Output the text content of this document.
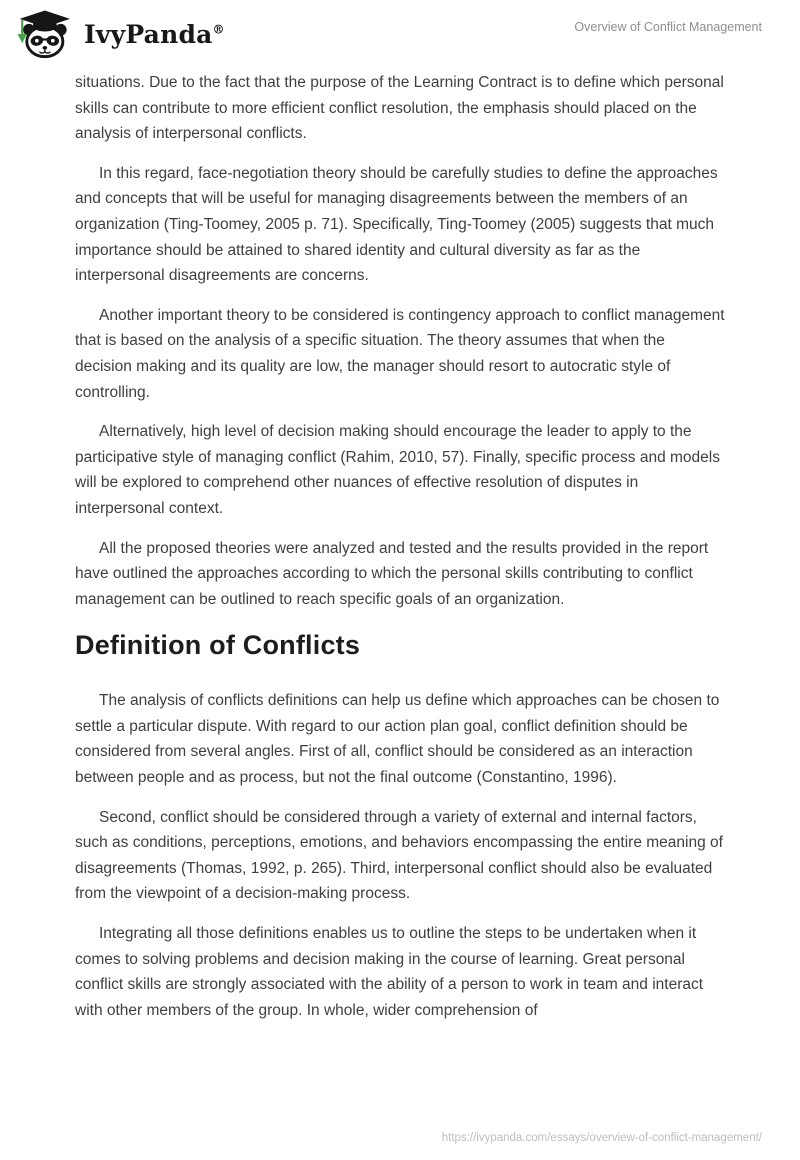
IvyPanda®	Overview of Conflict Management

situations. Due to the fact that the purpose of the Learning Contract is to define which personal skills can contribute to more efficient conflict resolution, the emphasis should placed on the analysis of interpersonal conflicts.

In this regard, face-negotiation theory should be carefully studies to define the approaches and concepts that will be useful for managing disagreements between the members of an organization (Ting-Toomey, 2005 p. 71). Specifically, Ting-Toomey (2005) suggests that much importance should be attained to shared identity and cultural diversity as far as the interpersonal disagreements are concerns.

Another important theory to be considered is contingency approach to conflict management that is based on the analysis of a specific situation. The theory assumes that when the decision making and its quality are low, the manager should resort to autocratic style of controlling.

Alternatively, high level of decision making should encourage the leader to apply to the participative style of managing conflict (Rahim, 2010, 57). Finally, specific process and models will be explored to comprehend other nuances of effective resolution of disputes in interpersonal context.

All the proposed theories were analyzed and tested and the results provided in the report have outlined the approaches according to which the personal skills contributing to conflict management can be outlined to reach specific goals of an organization.

Definition of Conflicts

The analysis of conflicts definitions can help us define which approaches can be chosen to settle a particular dispute. With regard to our action plan goal, conflict definition should be considered from several angles. First of all, conflict should be considered as an interaction between people and as process, but not the final outcome (Constantino, 1996).

Second, conflict should be considered through a variety of external and internal factors, such as conditions, perceptions, emotions, and behaviors encompassing the entire meaning of disagreements (Thomas, 1992, p. 265). Third, interpersonal conflict should also be evaluated from the viewpoint of a decision-making process.

Integrating all those definitions enables us to outline the steps to be undertaken when it comes to solving problems and decision making in the course of learning. Great personal conflict skills are strongly associated with the ability of a person to work in team and interact with other members of the group. In whole, wider comprehension of

https://ivypanda.com/essays/overview-of-conflict-management/
